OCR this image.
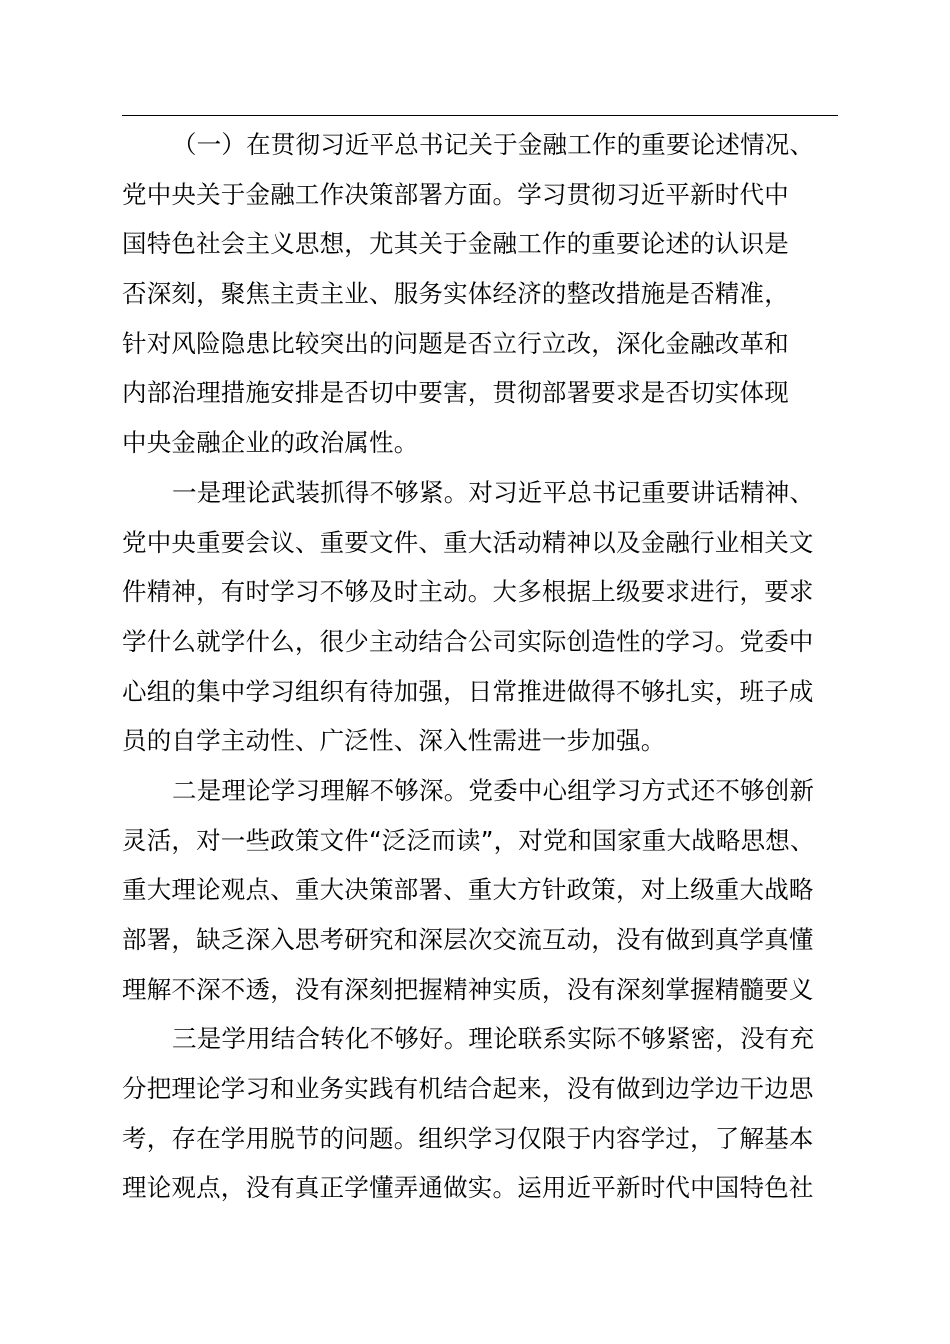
（一）在贯彻习近平总书记关于金融工作的重要论述情况、
党中央关于金融工作决策部署方面。学习贯彻习近平新时代中
国特色社会主义思想，尤其关于金融工作的重要论述的认识是
否深刻，聚焦主责主业、服务实体经济的整改措施是否精准，
针对风险隐患比较突出的问题是否立行立改，深化金融改革和
内部治理措施安排是否切中要害，贯彻部署要求是否切实体现
中央金融企业的政治属性。
一是理论武装抓得不够紧。对习近平总书记重要讲话精神、
党中央重要会议、重要文件、重大活动精神以及金融行业相关文
件精神，有时学习不够及时主动。大多根据上级要求进行，要求
学什么就学什么，很少主动结合公司实际创造性的学习。党委中
心组的集中学习组织有待加强，日常推进做得不够扎实，班子成
员的自学主动性、广泛性、深入性需进一步加强。
二是理论学习理解不够深。党委中心组学习方式还不够创新
灵活，对一些政策文件“泛泛而读”，对党和国家重大战略思想、
重大理论观点、重大决策部署、重大方针政策，对上级重大战略
部署，缺乏深入思考研究和深层次交流互动，没有做到真学真懂
理解不深不透，没有深刻把握精神实质，没有深刻掌握精髓要义
三是学用结合转化不够好。理论联系实际不够紧密，没有充
分把理论学习和业务实践有机结合起来，没有做到边学边干边思
考，存在学用脱节的问题。组织学习仅限于内容学过，了解基本
理论观点，没有真正学懂弄通做实。运用近平新时代中国特色社
